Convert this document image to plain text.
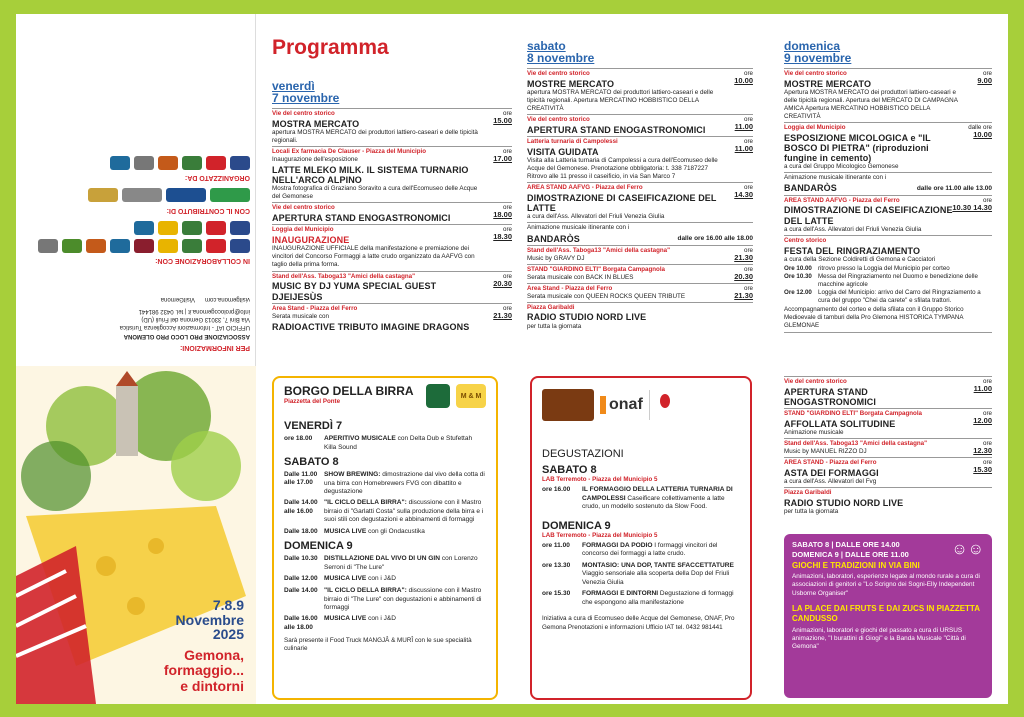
PER INFORMAZIONI:
ASSOCIAZIONE PRO LOCO PRO GLEMONA
UFFICIO IAT - Informazioni Accoglienza Turistica
Via Bini 7, 33013 Gemona del Friuli (UD)
info@prolocogemona.it | tel. 0432 981441
visitgemona.com
VisitGemona
IN COLLABORAZIONE CON:
CON IL CONTRIBUTO DI:
ORGANIZZATO DA:
7.8.9
Novembre
2025
Gemona,
formaggio...
e dintorni
Programma
venerdì
7 novembre
Vie del centro storico
MOSTRA MERCATO
apertura MOSTRA MERCATO dei produttori lattiero-caseari e delle tipicità regionali.
ore
15.00
Locali Ex farmacia De Clauser - Piazza del Municipio
Inaugurazione dell'esposizione
LATTE MLEKO MILK. IL SISTEMA TURNARIO NELL'ARCO ALPINO
Mostra fotografica di Graziano Soravito a cura dell'Ecomuseo delle Acque del Gemonese
ore
17.00
Vie del centro storico
APERTURA STAND ENOGASTRONOMICI
ore
18.00
Loggia del Municipio
INAUGURAZIONE
INAUGURAZIONE UFFICIALE della manifestazione e premiazione dei vincitori del Concorso Formaggi a latte crudo organizzato da AAFVG con taglio della prima forma.
ore
18.30
Stand dell'Ass. Taboga13 "Amici della castagna"
MUSIC BY DJ YUMA SPECIAL GUEST DJEIJESÙS
ore
20.30
Area Stand - Piazza del Ferro
Serata musicale con
RADIOACTIVE TRIBUTO IMAGINE DRAGONS
ore
21.30
sabato
8 novembre
Vie del centro storico
MOSTRE MERCATO
apertura MOSTRA MERCATO dei produttori lattiero-caseari e delle tipicità regionali. Apertura MERCATINO HOBBISTICO DELLA CREATIVITÀ
ore
10.00
Vie del centro storico
APERTURA STAND ENOGASTRONOMICI
ore
11.00
Latteria turnaria di Campolessi
VISITA GUIDATA
Visita alla Latteria turnaria di Campolessi a cura dell'Ecomuseo delle Acque del Gemonese. Prenotazione obbligatoria: t. 338 7187227 Ritrovo alle 11 presso il caseificio, in via San Marco 7
ore
11.00
AREA STAND AAFVG - Piazza del Ferro
DIMOSTRAZIONE DI CASEIFICAZIONE DEL LATTE
a cura dell'Ass. Allevatori del Friuli Venezia Giulia
ore
14.30
Animazione musicale itinerante con i
BANDARÒS	dalle ore 16.00 alle 18.00
Stand dell'Ass. Taboga13 "Amici della castagna"
Music by GRAVY DJ
ore
21.30
STAND "GIARDINO ELTI" Borgata Campagnola
Serata musicale con BACK IN BLUES
ore
20.30
Area Stand - Piazza del Ferro
Serata musicale con QUEEN ROCKS QUEEN TRIBUTE
ore
21.30
Piazza Garibaldi
RADIO STUDIO NORD LIVE
per tutta la giornata
domenica
9 novembre
Vie del centro storico
MOSTRE MERCATO
Apertura MOSTRA MERCATO dei produttori lattiero-caseari e delle tipicità regionali. Apertura del MERCATO DI CAMPAGNA AMICA Apertura MERCATINO HOBBISTICO DELLA CREATIVITÀ
ore
9.00
Loggia del Municipio
ESPOSIZIONE MICOLOGICA e "IL BOSCO DI PIETRA" (riproduzioni fungine in cemento)
a cura del Gruppo Micologico Gemonese
dalle ore
10.00
Animazione musicale itinerante con i
BANDARÒS	dalle ore 11.00 alle 13.00
AREA STAND AAFVG - Piazza del Ferro
DIMOSTRAZIONE DI CASEIFICAZIONE DEL LATTE
a cura dell'Ass. Allevatori del Friuli Venezia Giulia
ore
10.30 14.30
Centro storico
FESTA DEL RINGRAZIAMENTO
a cura della Sezione Coldiretti di Gemona e Cacciatori
Ore 10.00 ritrovo presso la Loggia del Municipio per corteo
Ore 10.30 Messa del Ringraziamento nel Duomo e benedizione delle macchine agricole
Ore 12.00 Loggia del Municipio: arrivo del Carro del Ringraziamento a cura del gruppo "Chei da carete" e sfilata trattori.
Accompagnamento del corteo e della sfilata con il Gruppo Storico Medioevale di tamburi della Pro Glemona HISTORICA TYMPANA GLEMONAE
Vie del centro storico
APERTURA STAND ENOGASTRONOMICI
ore
11.00
STAND "GIARDINO ELTI" Borgata Campagnola
AFFOLLATA SOLITUDINE
Animazione musicale
ore
12.00
Stand dell'Ass. Taboga13 "Amici della castagna"
Music by MANUEL RIZZO DJ
ore
12.30
AREA STAND - Piazza del Ferro
ASTA DEI FORMAGGI
a cura dell'Ass. Allevatori del Fvg
ore
15.30
Piazza Garibaldi
RADIO STUDIO NORD LIVE
per tutta la giornata
BORGO DELLA BIRRA
Piazzetta del Ponte
M & M
VENERDÌ 7
ore 18.00	APERITIVO MUSICALE con Delta Dub e Stufettah Killa Sound
SABATO 8
Dalle 11.00 alle 17.00
SHOW BREWING: dimostrazione dal vivo della cotta di una birra con Homebrewers FVG con dibattito e degustazione
Dalle 14.00 alle 16.00
"IL CICLO DELLA BIRRA": discussione con il Mastro birraio di "Garlatti Costa" sulla produzione della birra e i suoi stili con degustazioni e abbinamenti di formaggi
Dalle 18.00 MUSICA LIVE con gli Ondacustika
DOMENICA 9
Dalle 10.30 DISTILLAZIONE DAL VIVO DI UN GIN con Lorenzo Serroni di "The Lure"
Dalle 12.00 MUSICA LIVE con i J&D
Dalle 14.00 "IL CICLO DELLA BIRRA": discussione con il Mastro birraio di "The Lure" con degustazioni e abbinamenti di formaggi
Dalle 16.00 alle 18.00
MUSICA LIVE con i J&D
Sarà presente il Food Truck MANGJÂ & MURÎ con le sue specialità culinarie
onaf
DEGUSTAZIONI
SABATO 8
LAB Terremoto - Piazza del Municipio 5
ore 16.00	IL FORMAGGIO DELLA LATTERIA TURNARIA DI CAMPOLESSI Caseificare collettivamente a latte crudo, un modello sostenuto da Slow Food.
DOMENICA 9
LAB Terremoto - Piazza del Municipio 5
ore 11.00	FORMAGGI DA PODIO I formaggi vincitori del concorso dei formaggi a latte crudo.
ore 13.30	MONTASIO: UNA DOP, TANTE SFACCETTATURE Viaggio sensoriale alla scoperta della Dop del Friuli Venezia Giulia
ore 15.30	FORMAGGI E DINTORNI Degustazione di formaggi che espongono alla manifestazione
Iniziativa a cura di Ecomuseo delle Acque del Gemonese, ONAF, Pro Gemona Prenotazioni e informazioni Ufficio IAT tel. 0432 981441
SABATO 8 | DALLE ORE 14.00
DOMENICA 9 | DALLE ORE 11.00
GIOCHI E TRADIZIONI IN VIA BINI
Animazioni, laboratori, esperienze legate al mondo rurale a cura di associazioni di genitori e "Lo Scrigno dei Sogni-Elly Independent Usborne Organiser"
LA PLACE DAI FRUTS E DAI ZUCS IN PIAZZETTA CANDUSSO
Animazioni, laboratori e giochi del passato a cura di URSUS animazione, "I burattini di Giogi" e la Banda Musicale "Città di Gemona"
☺☺
